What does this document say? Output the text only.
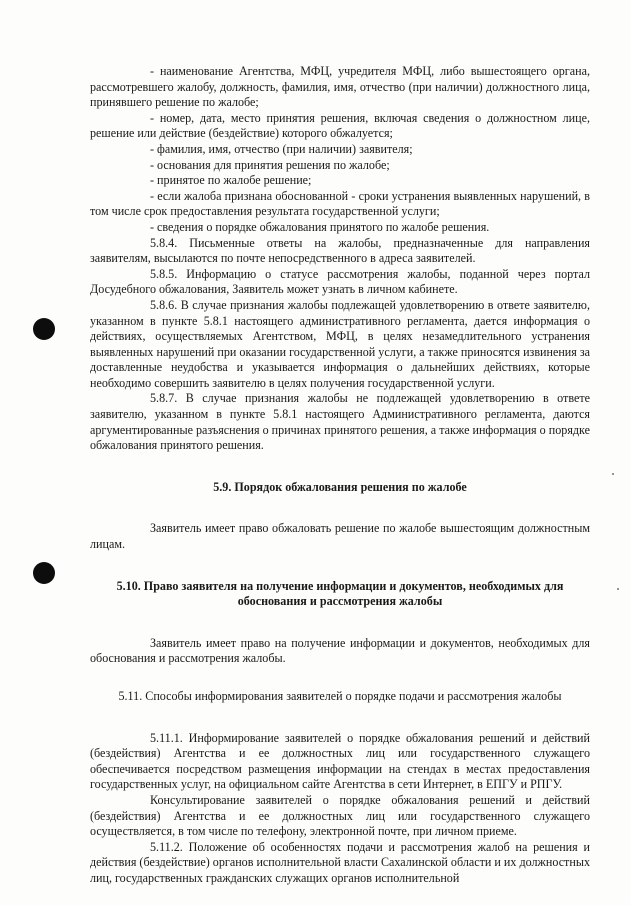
- наименование Агентства, МФЦ, учредителя МФЦ, либо вышестоящего органа, рассмотревшего жалобу, должность, фамилия, имя, отчество (при наличии) должностного лица, принявшего решение по жалобе;
- номер, дата, место принятия решения, включая сведения о должностном лице, решение или действие (бездействие) которого обжалуется;
- фамилия, имя, отчество (при наличии) заявителя;
- основания для принятия решения по жалобе;
- принятое по жалобе решение;
- если жалоба признана обоснованной - сроки устранения выявленных нарушений, в том числе срок предоставления результата государственной услуги;
- сведения о порядке обжалования принятого по жалобе решения.
5.8.4. Письменные ответы на жалобы, предназначенные для направления заявителям, высылаются по почте непосредственного в адреса заявителей.
5.8.5. Информацию о статусе рассмотрения жалобы, поданной через портал Досудебного обжалования, Заявитель может узнать в личном кабинете.
5.8.6. В случае признания жалобы подлежащей удовлетворению в ответе заявителю, указанном в пункте 5.8.1 настоящего административного регламента, дается информация о действиях, осуществляемых Агентством, МФЦ, в целях незамедлительного устранения выявленных нарушений при оказании государственной услуги, а также приносятся извинения за доставленные неудобства и указывается информация о дальнейших действиях, которые необходимо совершить заявителю в целях получения государственной услуги.
5.8.7. В случае признания жалобы не подлежащей удовлетворению в ответе заявителю, указанном в пункте 5.8.1 настоящего Административного регламента, даются аргументированные разъяснения о причинах принятого решения, а также информация о порядке обжалования принятого решения.
5.9. Порядок обжалования решения по жалобе
Заявитель имеет право обжаловать решение по жалобе вышестоящим должностным лицам.
5.10. Право заявителя на получение информации и документов, необходимых для обоснования и рассмотрения жалобы
Заявитель имеет право на получение информации и документов, необходимых для обоснования и рассмотрения жалобы.
5.11. Способы информирования заявителей о порядке подачи и рассмотрения жалобы
5.11.1. Информирование заявителей о порядке обжалования решений и действий (бездействия) Агентства и ее должностных лиц или государственного служащего обеспечивается посредством размещения информации на стендах в местах предоставления государственных услуг, на официальном сайте Агентства в сети Интернет, в ЕПГУ и РПГУ.
Консультирование заявителей о порядке обжалования решений и действий (бездействия) Агентства и ее должностных лиц или государственного служащего осуществляется, в том числе по телефону, электронной почте, при личном приеме.
5.11.2. Положение об особенностях подачи и рассмотрения жалоб на решения и действия (бездействие) органов исполнительной власти Сахалинской области и их должностных лиц, государственных гражданских служащих органов исполнительной
